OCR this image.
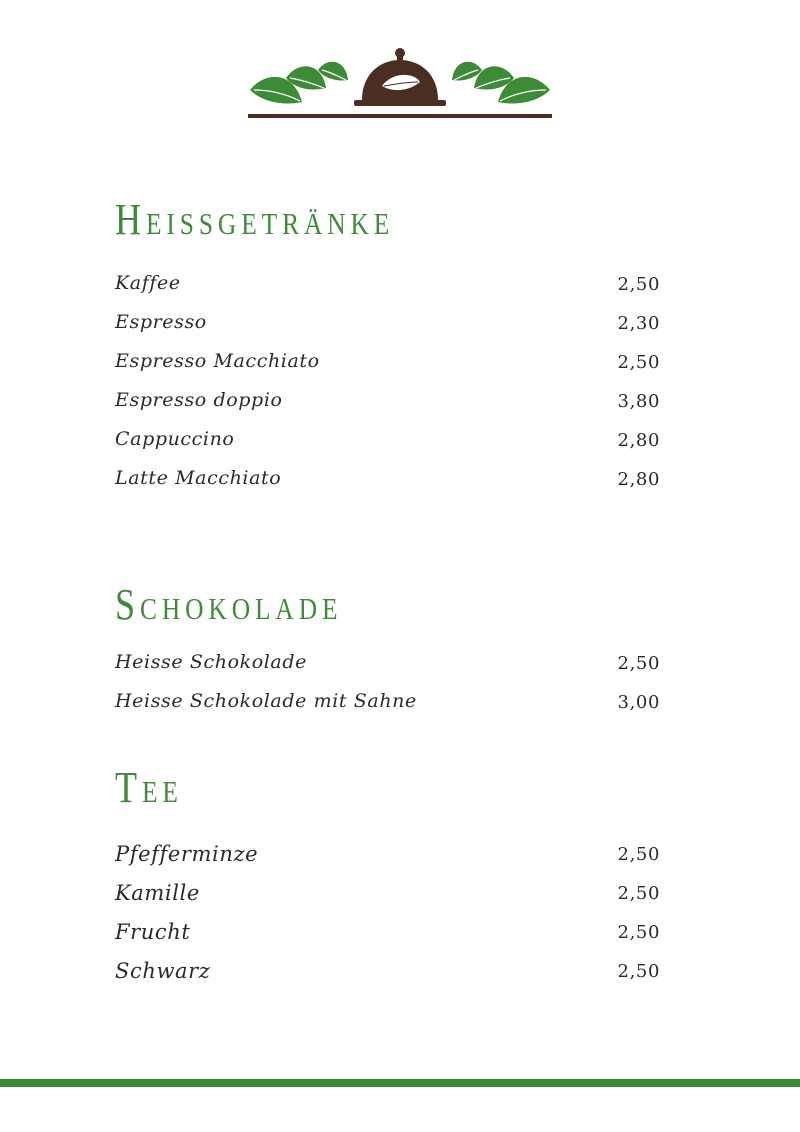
Heissgetränke
Kaffee	2,50
Espresso	2,30
Espresso Macchiato	2,50
Espresso doppio	3,80
Cappuccino	2,80
Latte Macchiato	2,80
Schokolade
Heisse Schokolade	2,50
Heisse Schokolade mit Sahne	3,00
Tee
Pfefferminze	2,50
Kamille	2,50
Frucht	2,50
Schwarz	2,50
